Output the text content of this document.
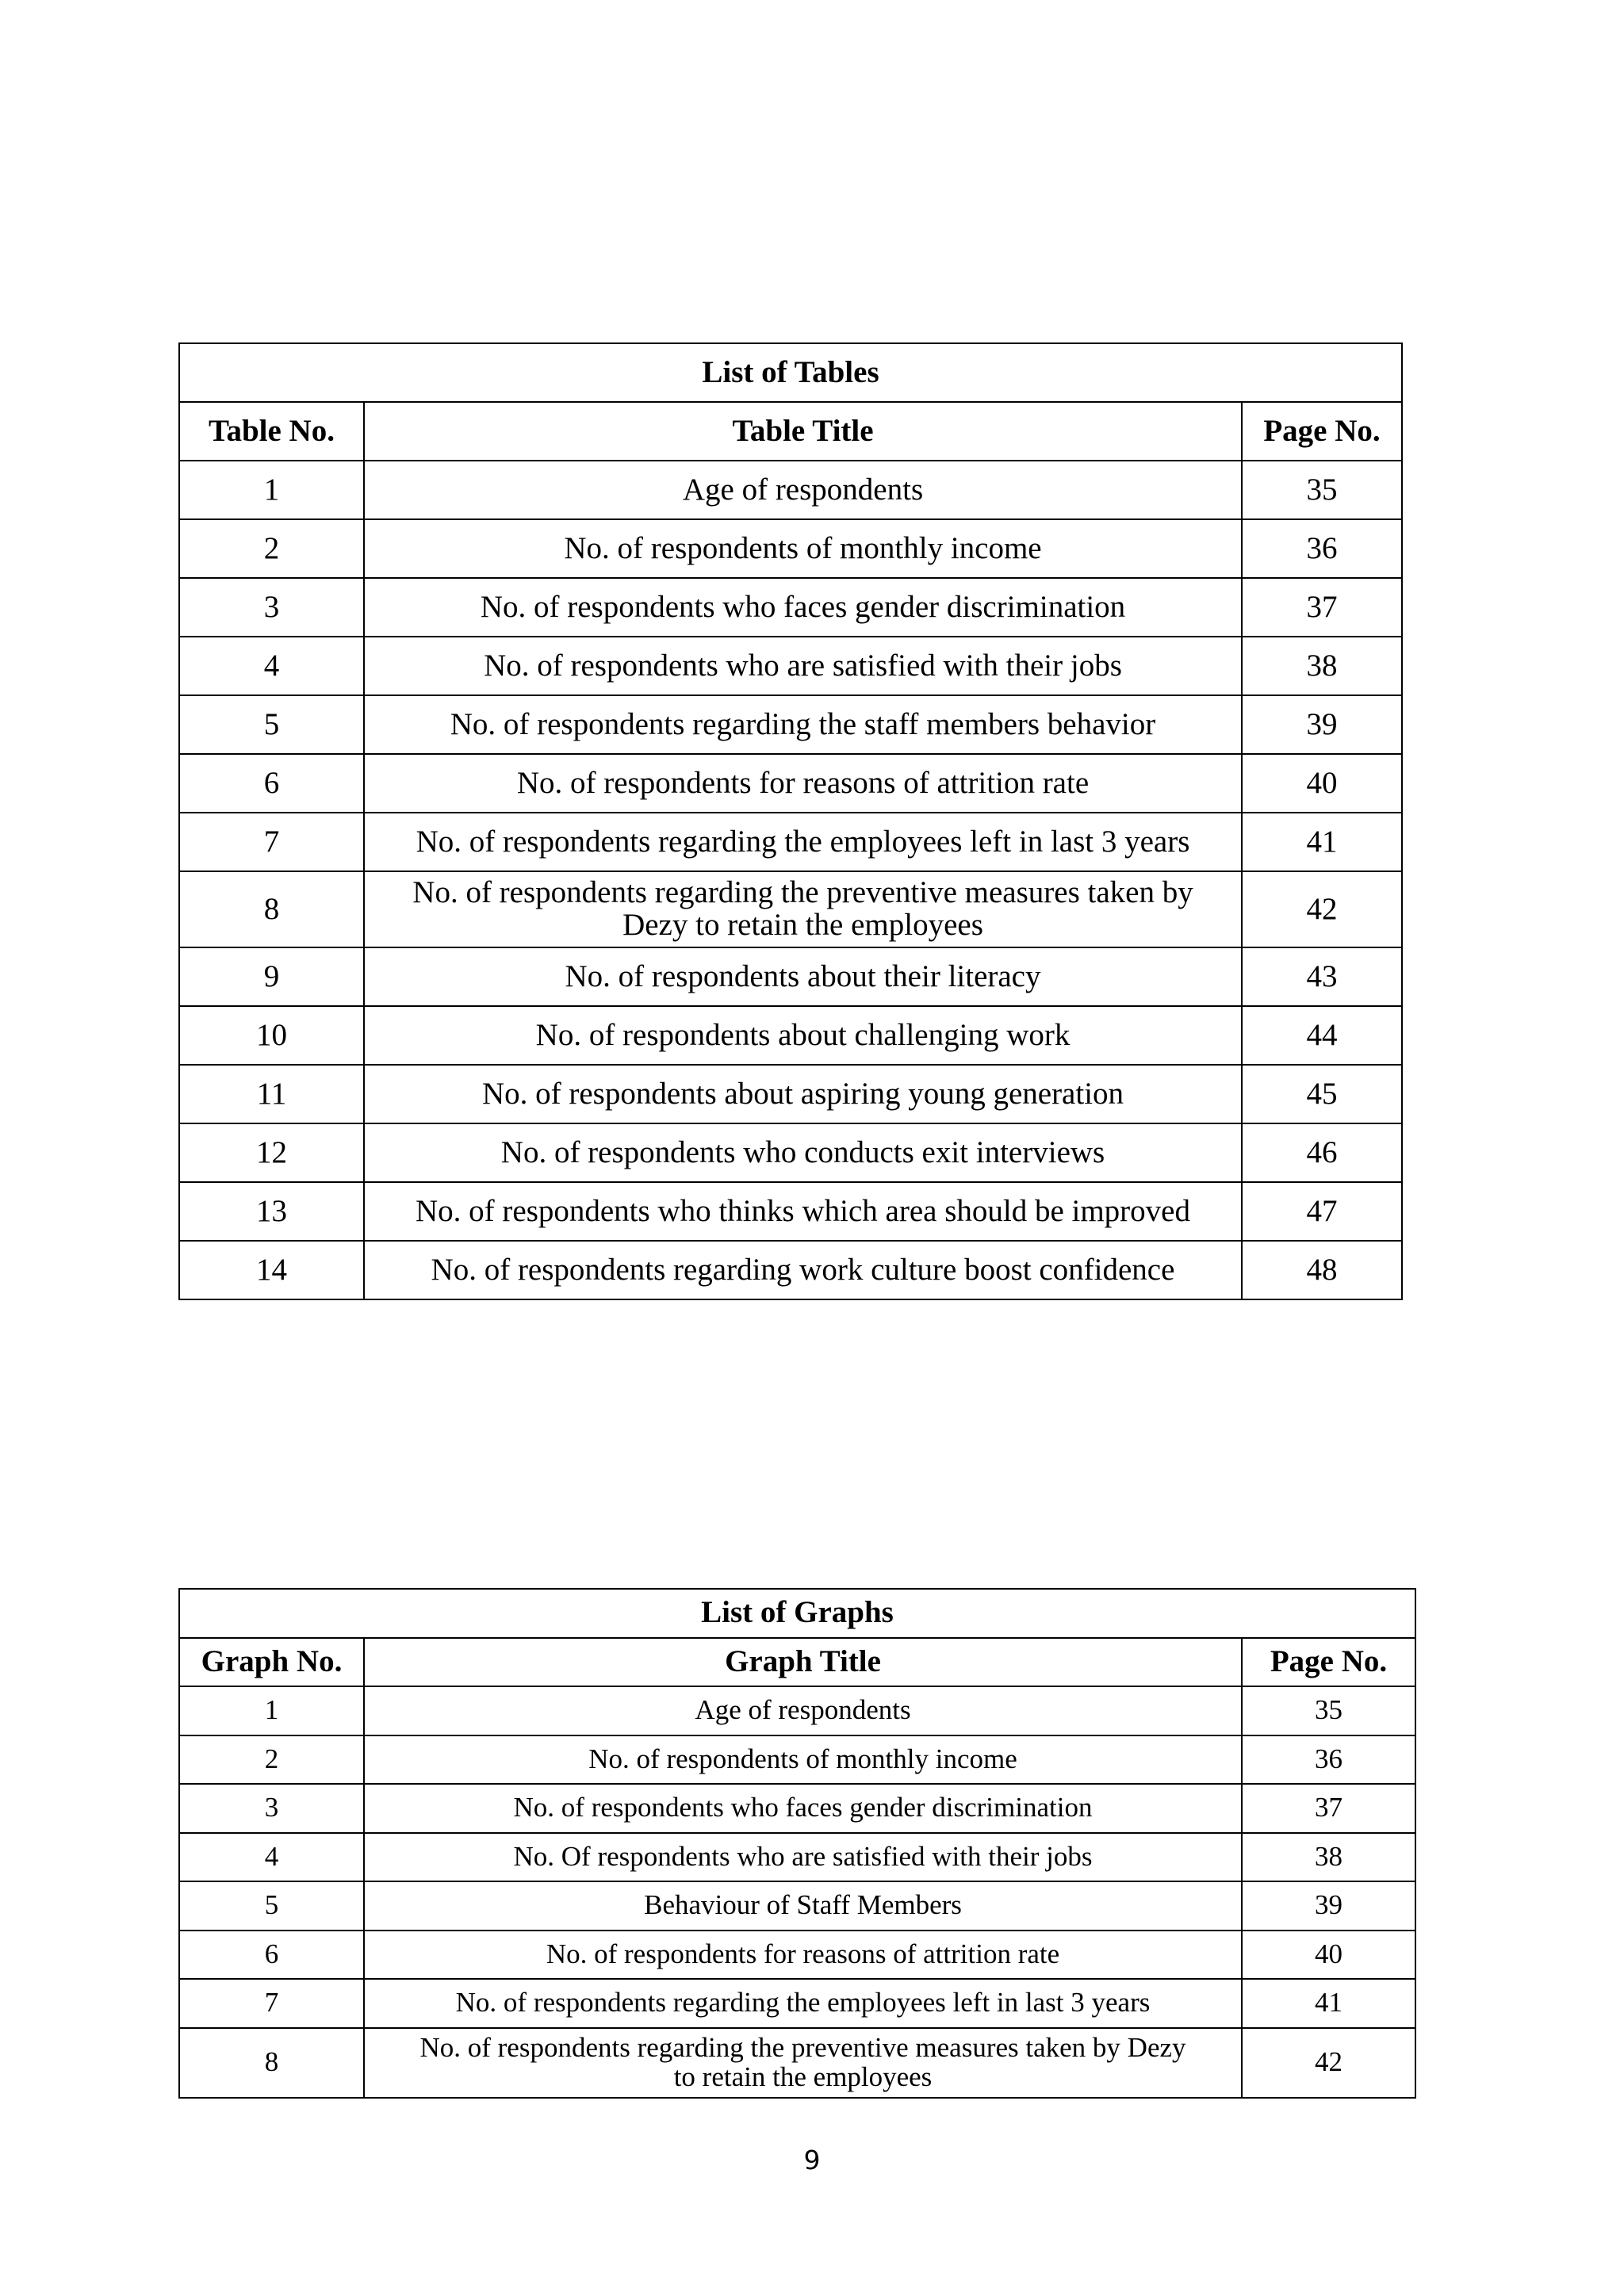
List of Tables		
Table No.	Table Title	Page No.
1	Age of respondents	35
2	No. of respondents of monthly income	36
3	No. of respondents who faces gender discrimination	37
4	No. of respondents who are satisfied with their jobs	38
5	No. of respondents regarding the staff members behavior	39
6	No. of respondents for reasons of attrition rate	40
7	No. of respondents regarding the employees left in last 3 years	41
8	No. of respondents regarding the preventive measures taken by
Dezy to retain the employees	42
9	No. of respondents about their literacy	43
10	No. of respondents about challenging work	44
11	No. of respondents about aspiring young generation	45
12	No. of respondents who conducts exit interviews	46
13	No. of respondents who thinks which area should be improved	47
14	No. of respondents regarding work culture boost confidence	48
List of Graphs		
Graph No.	Graph Title	Page No.
1	Age of respondents	35
2	No. of respondents of monthly income	36
3	No. of respondents who faces gender discrimination	37
4	No. Of respondents who are satisfied with their jobs	38
5	Behaviour of Staff Members	39
6	No. of respondents for reasons of attrition rate	40
7	No. of respondents regarding the employees left in last 3 years	41
8	No. of respondents regarding the preventive measures taken by Dezy
to retain the employees	42
9
